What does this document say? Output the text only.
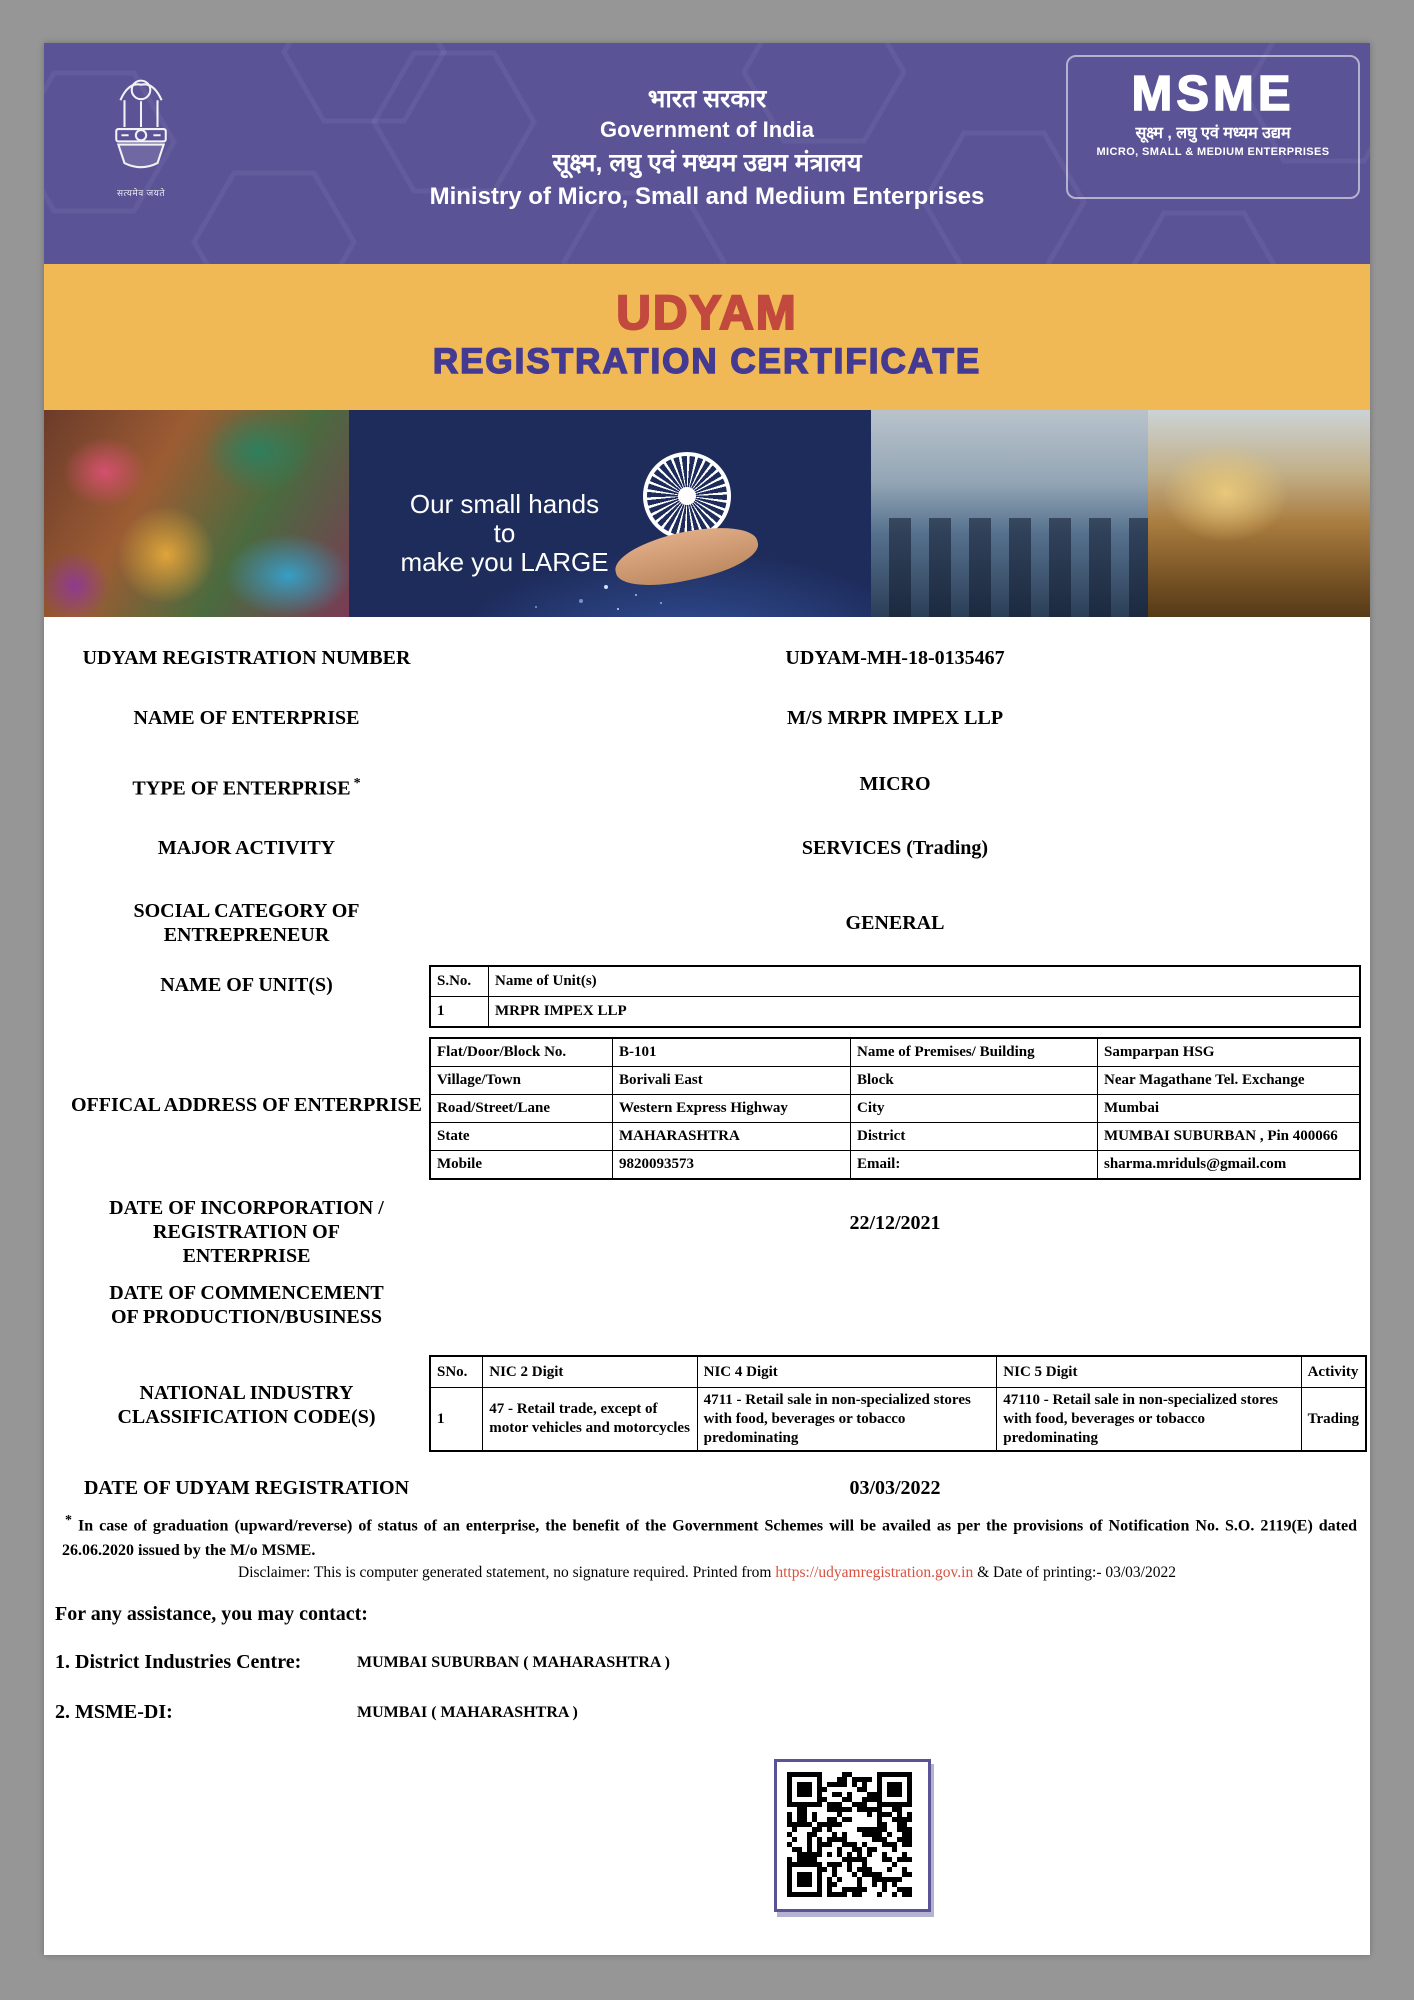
सत्यमेव जयते
भारत सरकार
Government of India
सूक्ष्म, लघु एवं मध्यम उद्यम मंत्रालय
Ministry of Micro, Small and Medium Enterprises
MSME
सूक्ष्म , लघु एवं मध्यम उद्यम
MICRO, SMALL & MEDIUM ENTERPRISES
UDYAM
REGISTRATION CERTIFICATE
Our small hands to
make you LARGE
UDYAM REGISTRATION NUMBER	UDYAM-MH-18-0135467
NAME OF ENTERPRISE	M/S MRPR IMPEX LLP
TYPE OF ENTERPRISE *	MICRO
MAJOR ACTIVITY	SERVICES (Trading)
SOCIAL CATEGORY OF ENTREPRENEUR
GENERAL
NAME OF UNIT(S)	S.No.	Name of Unit(s)
1	MRPR IMPEX LLP
OFFICAL ADDRESS OF ENTERPRISE
Flat/Door/Block No.	B-101	Name of Premises/ Building	Samparpan HSG
Village/Town	Borivali East	Block	Near Magathane Tel. Exchange
Road/Street/Lane	Western Express Highway	City	Mumbai
State	MAHARASHTRA	District	MUMBAI SUBURBAN , Pin 400066
Mobile	9820093573	Email:	sharma.mriduls@gmail.com
DATE OF INCORPORATION / REGISTRATION OF ENTERPRISE
22/12/2021
DATE OF COMMENCEMENT OF PRODUCTION/BUSINESS
NATIONAL INDUSTRY CLASSIFICATION CODE(S)
SNo.	NIC 2 Digit	NIC 4 Digit	NIC 5 Digit	Activity
1	47 - Retail trade, except of motor vehicles and motorcycles	4711 - Retail sale in non-specialized stores with food, beverages or tobacco predominating	47110 - Retail sale in non-specialized stores with food, beverages or tobacco predominating	Trading
DATE OF UDYAM REGISTRATION	03/03/2022
* In case of graduation (upward/reverse) of status of an enterprise, the benefit of the Government Schemes will be availed as per the provisions of Notification No. S.O. 2119(E) dated 26.06.2020 issued by the M/o MSME.
Disclaimer: This is computer generated statement, no signature required. Printed from https://udyamregistration.gov.in & Date of printing:- 03/03/2022
For any assistance, you may contact:
1. District Industries Centre:	MUMBAI SUBURBAN ( MAHARASHTRA )
2. MSME-DI:	MUMBAI ( MAHARASHTRA )
